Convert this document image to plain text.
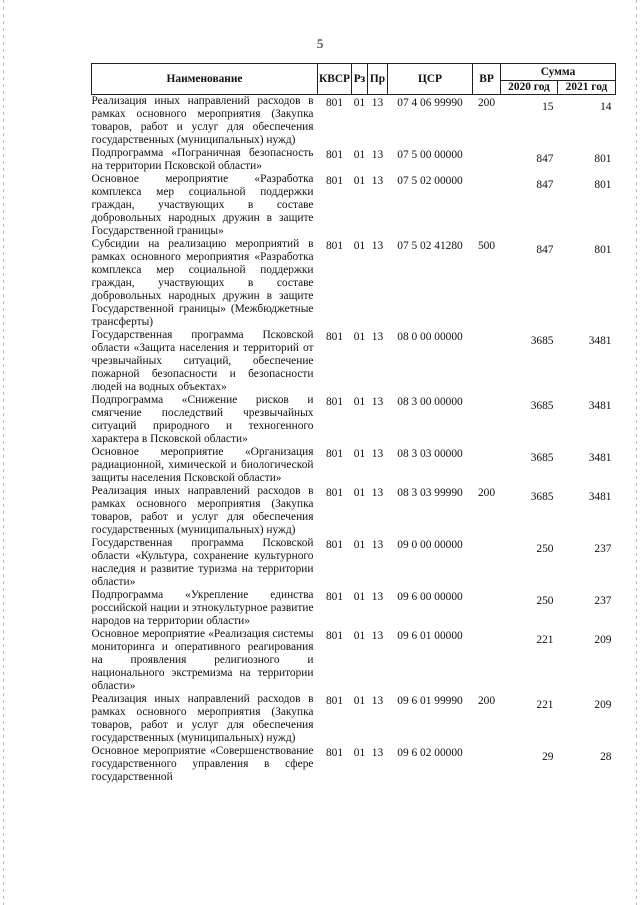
5
Наименование	КВСР	Рз	Пр	ЦСР	ВР	Сумма	
						2020 год	2021 год
Реализация иных направлений расходов в рамках основного мероприятия (Закупка товаров, работ и услуг для обеспечения государственных (муниципальных) нужд)	801	01	13	07 4 06 99990	200	15	14
Подпрограмма «Пограничная безопасность на территории Псковской области»	801	01	13	07 5 00 00000		847	801
Основное мероприятие «Разработка комплекса мер социальной поддержки граждан, участвующих в составе добровольных народных дружин в защите Государственной границы»	801	01	13	07 5 02 00000		847	801
Субсидии на реализацию мероприятий в рамках основного мероприятия «Разработка комплекса мер социальной поддержки граждан, участвующих в составе добровольных народных дружин в защите Государственной границы» (Межбюджетные трансферты)	801	01	13	07 5 02 41280	500	847	801
Государственная программа Псковской области «Защита населения и территорий от чрезвычайных ситуаций, обеспечение пожарной безопасности и безопасности людей на водных объектах»	801	01	13	08 0 00 00000		3685	3481
Подпрограмма «Снижение рисков и смягчение последствий чрезвычайных ситуаций природного и техногенного характера в Псковской области»	801	01	13	08 3 00 00000		3685	3481
Основное мероприятие «Организация радиационной, химической и биологической защиты населения Псковской области»	801	01	13	08 3 03 00000		3685	3481
Реализация иных направлений расходов в рамках основного мероприятия (Закупка товаров, работ и услуг для обеспечения государственных (муниципальных) нужд)	801	01	13	08 3 03 99990	200	3685	3481
Государственная программа Псковской области «Культура, сохранение культурного наследия и развитие туризма на территории области»	801	01	13	09 0 00 00000		250	237
Подпрограмма «Укрепление единства российской нации и этнокультурное развитие народов на территории области»	801	01	13	09 6 00 00000		250	237
Основное мероприятие «Реализация системы мониторинга и оперативного реагирования на проявления религиозного и национального экстремизма на территории области»	801	01	13	09 6 01 00000		221	209
Реализация иных направлений расходов в рамках основного мероприятия (Закупка товаров, работ и услуг для обеспечения государственных (муниципальных) нужд)	801	01	13	09 6 01 99990	200	221	209
Основное мероприятие «Совершенствование государственного управления в сфере государственной	801	01	13	09 6 02 00000		29	28
